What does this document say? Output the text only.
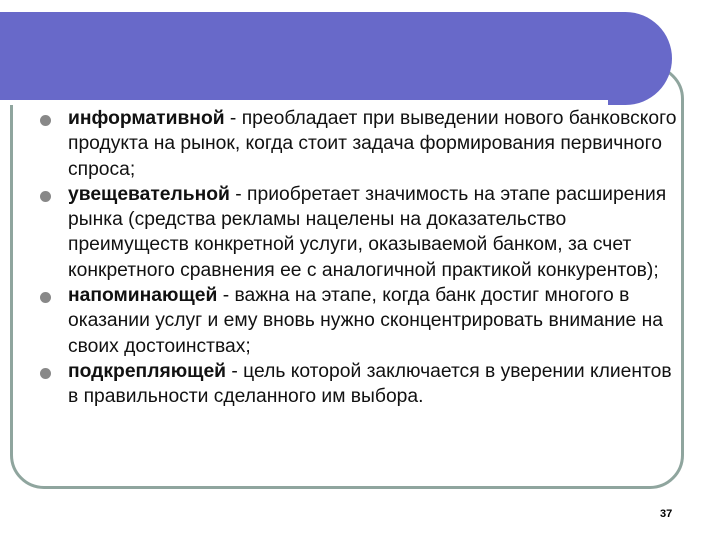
информативной - преобладает при выведении нового банковского продукта на рынок, когда стоит задача формирования первичного спроса;
увещевательной - приобретает значимость на этапе расширения рынка (средства рекламы нацелены на доказательство преимуществ конкретной услуги, оказываемой банком, за счет конкретного сравнения ее с аналогичной практикой конкурентов);
напоминающей - важна на этапе, когда банк достиг многого в оказании услуг и ему вновь нужно сконцентрировать внимание на своих достоинствах;
подкрепляющей - цель которой заключается в уверении клиентов в правильности сделанного им выбора.
37
